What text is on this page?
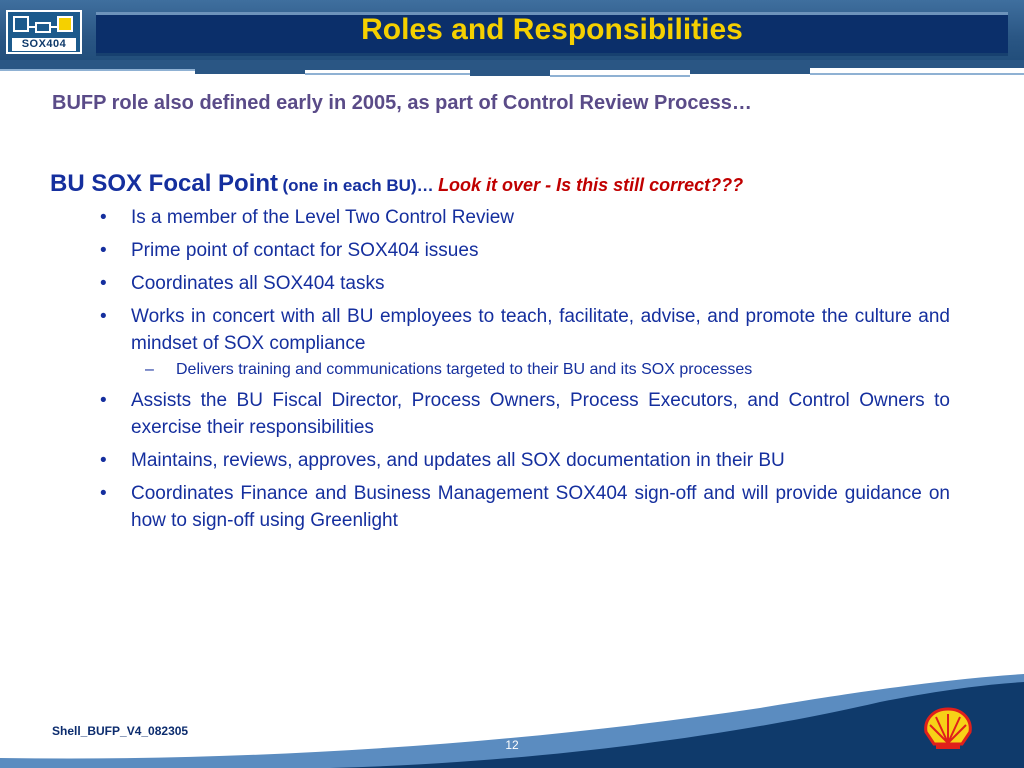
SOX404	Roles and Responsibilities
BUFP role also defined early in 2005, as part of Control Review Process…
BU SOX Focal Point (one in each BU)… Look it over - Is this still correct???
• Is a member of the Level Two Control Review
• Prime point of contact for SOX404 issues
• Coordinates all SOX404 tasks
• Works in concert with all BU employees to teach, facilitate, advise, and promote the culture and mindset of SOX compliance
– Delivers training and communications targeted to their BU and its SOX processes
• Assists the BU Fiscal Director, Process Owners, Process Executors, and Control Owners to exercise their responsibilities
• Maintains, reviews, approves, and updates all SOX documentation in their BU
• Coordinates Finance and Business Management SOX404 sign-off and will provide guidance on how to sign-off using Greenlight
Shell_BUFP_V4_082305
12
